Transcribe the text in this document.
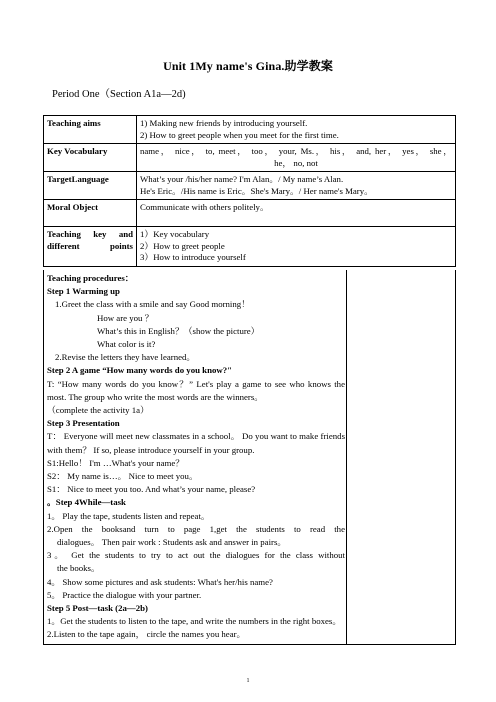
Unit 1My name's Gina.助学教案
Period One（Section A1a—2d)
Teaching aims	1) Making new friends by introducing yourself.
2) How to greet people when you meet for the first time.

Key Vocabulary	name， nice， to, meet， too， your, Ms.， his， and, her， yes， she，
he， no, not

TargetLanguage	What’s your /his/her name? I'm Alan。/ My name’s Alan.
He's Eric。/His name is Eric。She's Mary。/ Her name's Mary。

Moral Object	Communicate with others politely。

Teaching key and different points	1）Key vocabulary
2）How to greet people
3）How to introduce yourself
Teaching procedures：
Step 1 Warming up
1.Greet the class with a smile and say Good morning！
How are you ？
What’s this in English？（show the picture）
What color is it?
2.Revise the letters they have learned。
Step 2 A game “How many words do you know?"
T: “How many words do you know？” Let's play a game to see who knows the most. The group who write the most words are the winners。
（complete the activity 1a）
Step 3 Presentation
T： Everyone will meet new classmates in a school。 Do you want to make friends with them？ If so, please introduce yourself in your group.
S1:Hello！ I'm …What's your name？
S2： My name is…。 Nice to meet you。
S1： Nice to meet you too. And what’s your name, please?
。Step 4While—task
1。 Play the tape, students listen and repeat。
2.Open the booksand turn to page 1,get the students to read the
dialogues。 Then pair work : Students ask and answer in pairs。
3。 Get the students to try to act out the dialogues for the class without
the books。
4。 Show some pictures and ask students: What's her/his name?
5。 Practice the dialogue with your partner.
Step 5 Post—task (2a—2b)
1。Get the students to listen to the tape, and write the numbers in the right boxes。
2.Listen to the tape again， circle the names you hear。
1
